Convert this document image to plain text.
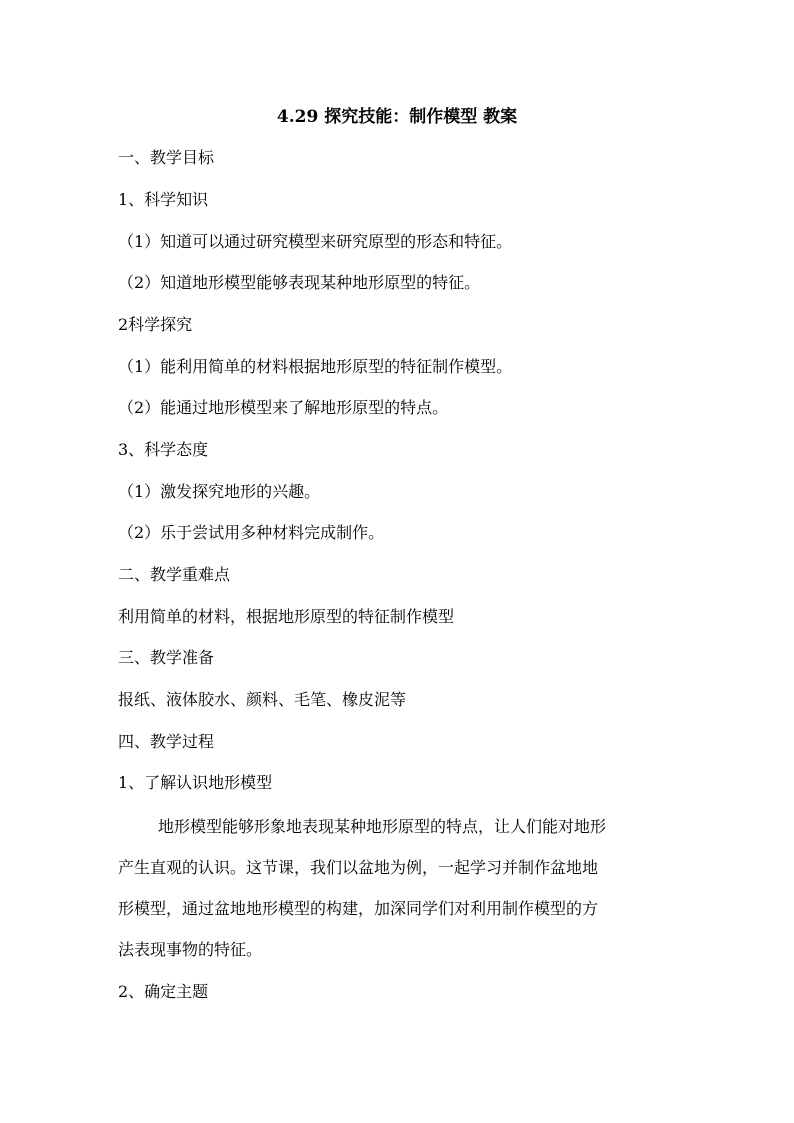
4.29 探究技能：制作模型 教案
一、教学目标
1、科学知识
（1）知道可以通过研究模型来研究原型的形态和特征。
（2）知道地形模型能够表现某种地形原型的特征。
2科学探究
（1）能利用简单的材料根据地形原型的特征制作模型。
（2）能通过地形模型来了解地形原型的特点。
3、科学态度
（1）激发探究地形的兴趣。
（2）乐于尝试用多种材料完成制作。
二、教学重难点
利用简单的材料，根据地形原型的特征制作模型
三、教学准备
报纸、液体胶水、颜料、毛笔、橡皮泥等
四、教学过程
1、了解认识地形模型
地形模型能够形象地表现某种地形原型的特点，让人们能对地形
产生直观的认识。这节课，我们以盆地为例，一起学习并制作盆地地
形模型，通过盆地地形模型的构建，加深同学们对利用制作模型的方
法表现事物的特征。
2、确定主题
